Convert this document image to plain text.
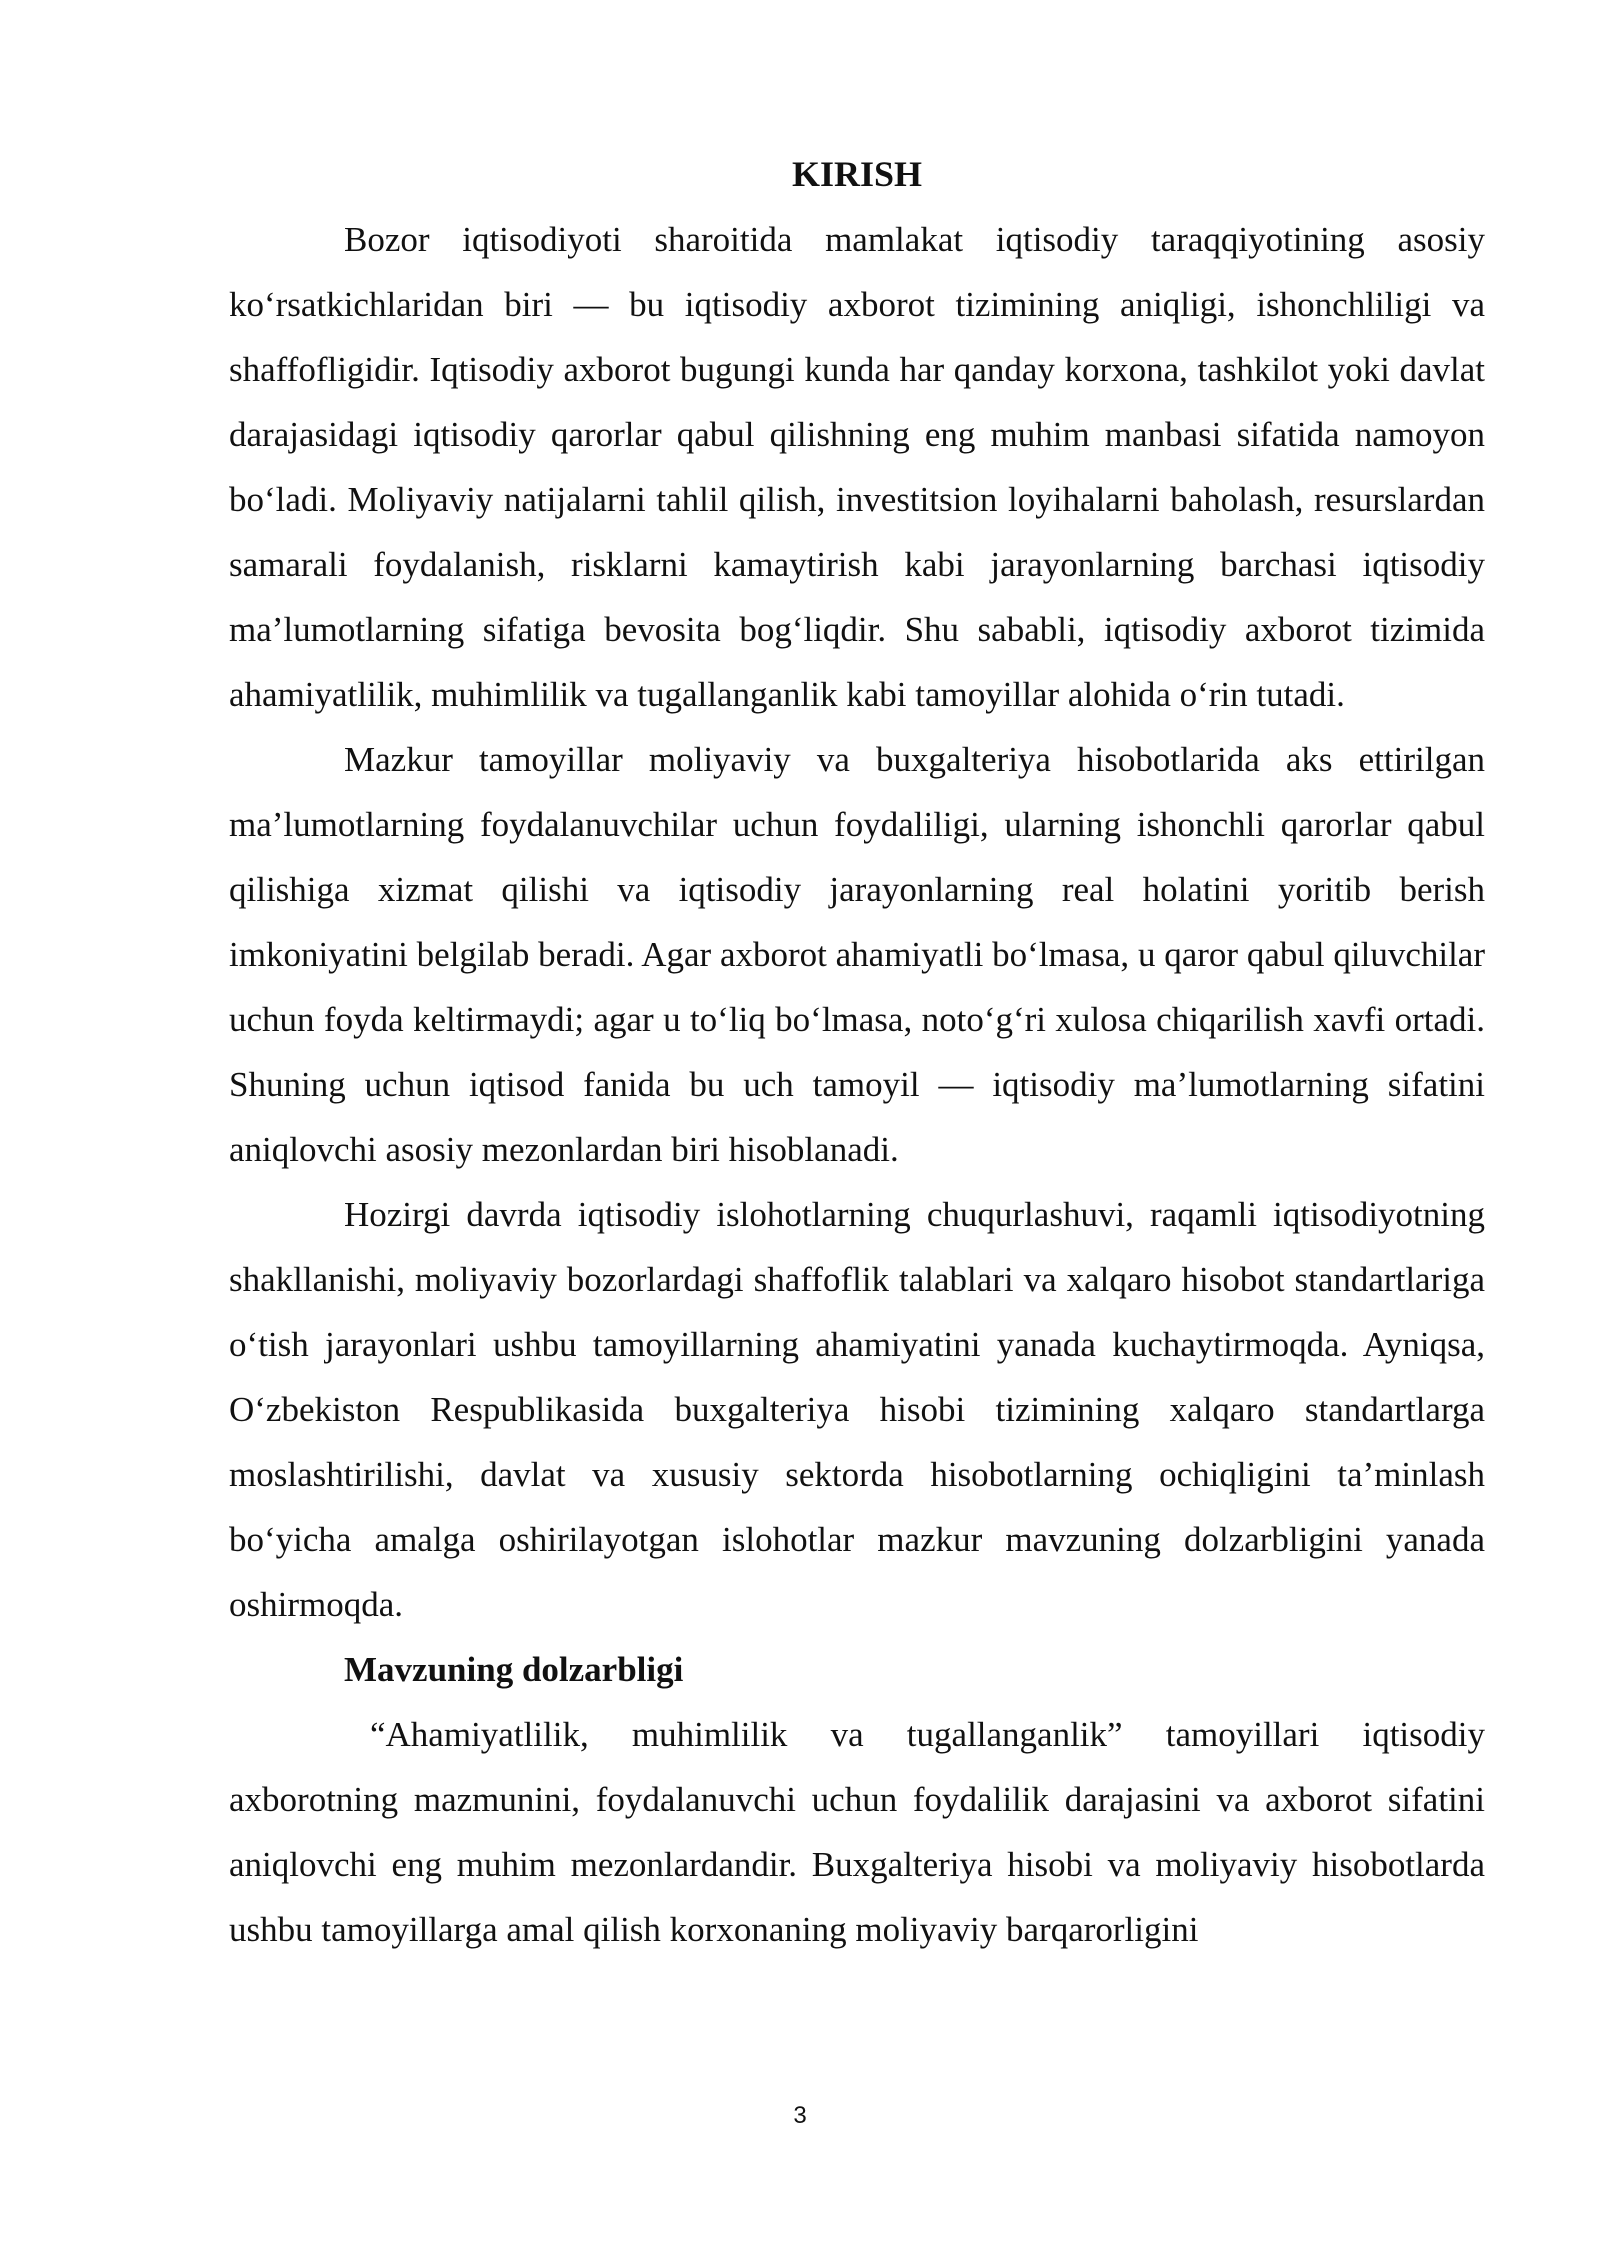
KIRISH

Bozor iqtisodiyoti sharoitida mamlakat iqtisodiy taraqqiyotining asosiy ko‘rsatkichlaridan biri — bu iqtisodiy axborot tizimining aniqligi, ishonchliligi va shaffofligidir. Iqtisodiy axborot bugungi kunda har qanday korxona, tashkilot yoki davlat darajasidagi iqtisodiy qarorlar qabul qilishning eng muhim manbasi sifatida namoyon bo‘ladi. Moliyaviy natijalarni tahlil qilish, investitsion loyihalarni baholash, resurslardan samarali foydalanish, risklarni kamaytirish kabi jarayonlarning barchasi iqtisodiy ma’lumotlarning sifatiga bevosita bog‘liqdir. Shu sababli, iqtisodiy axborot tizimida ahamiyatlilik, muhimlilik va tugallanganlik kabi tamoyillar alohida o‘rin tutadi.

Mazkur tamoyillar moliyaviy va buxgalteriya hisobotlarida aks ettirilgan ma’lumotlarning foydalanuvchilar uchun foydaliligi, ularning ishonchli qarorlar qabul qilishiga xizmat qilishi va iqtisodiy jarayonlarning real holatini yoritib berish imkoniyatini belgilab beradi. Agar axborot ahamiyatli bo‘lmasa, u qaror qabul qiluvchilar uchun foyda keltirmaydi; agar u to‘liq bo‘lmasa, noto‘g‘ri xulosa chiqarilish xavfi ortadi. Shuning uchun iqtisod fanida bu uch tamoyil — iqtisodiy ma’lumotlarning sifatini aniqlovchi asosiy mezonlardan biri hisoblanadi.

Hozirgi davrda iqtisodiy islohotlarning chuqurlashuvi, raqamli iqtisodiyotning shakllanishi, moliyaviy bozorlardagi shaffoflik talablari va xalqaro hisobot standartlariga o‘tish jarayonlari ushbu tamoyillarning ahamiyatini yanada kuchaytirmoqda. Ayniqsa, O‘zbekiston Respublikasida buxgalteriya hisobi tizimining xalqaro standartlarga moslashtirilishi, davlat va xususiy sektorda hisobotlarning ochiqligini ta’minlash bo‘yicha amalga oshirilayotgan islohotlar mazkur mavzuning dolzarbligini yanada oshirmoqda.

Mavzuning dolzarbligi

“Ahamiyatlilik, muhimlilik va tugallanganlik” tamoyillari iqtisodiy axborotning mazmunini, foydalanuvchi uchun foydalilik darajasini va axborot sifatini aniqlovchi eng muhim mezonlardandir. Buxgalteriya hisobi va moliyaviy hisobotlarda ushbu tamoyillarga amal qilish korxonaning moliyaviy barqarorligini

3
